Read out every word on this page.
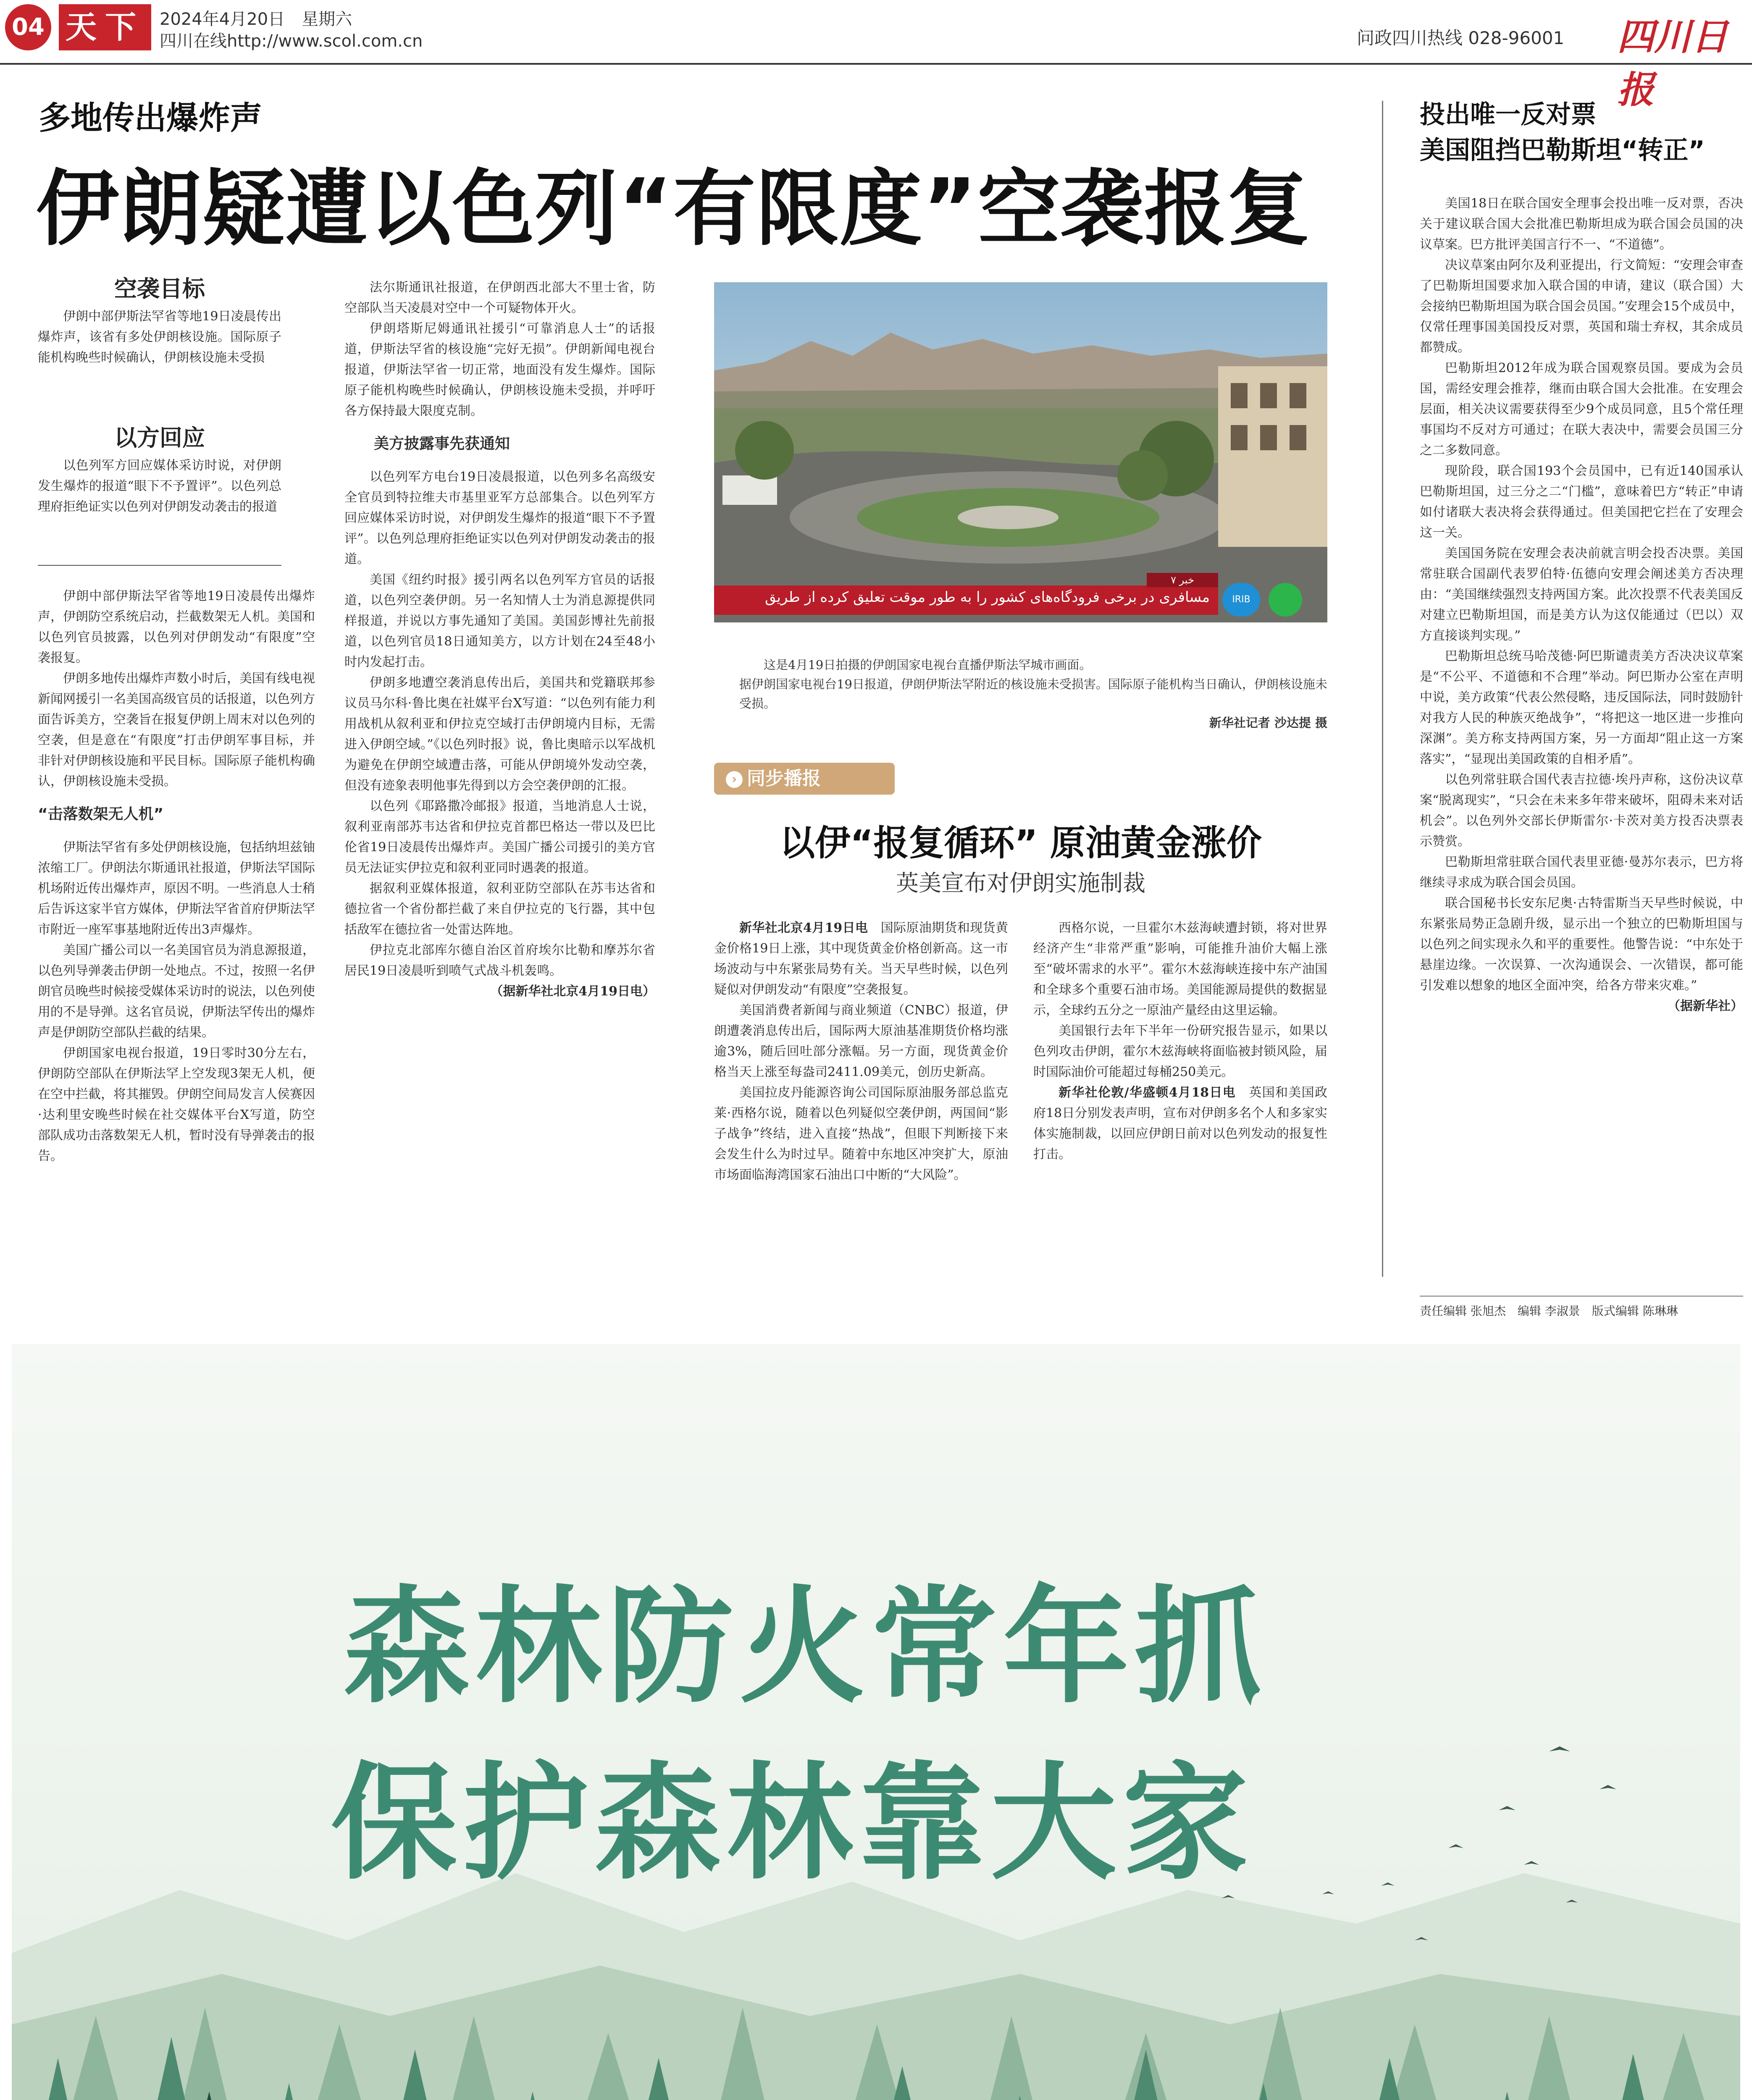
04 天下 2024年4月20日　星期六
四川在线http://www.scol.com.cn	问政四川热线 028-96001 四川日报
多地传出爆炸声
伊朗疑遭以色列“有限度”空袭报复
空袭目标
伊朗中部伊斯法罕省等地19日凌晨传出爆炸声，该省有多处伊朗核设施。国际原子能机构晚些时候确认，伊朗核设施未受损
以方回应
以色列军方回应媒体采访时说，对伊朗发生爆炸的报道“眼下不予置评”。以色列总理府拒绝证实以色列对伊朗发动袭击的报道

伊朗中部伊斯法罕省等地19日凌晨传出爆炸声，伊朗防空系统启动，拦截数架无人机。美国和以色列官员披露，以色列对伊朗发动“有限度”空袭报复。

伊朗多地传出爆炸声数小时后，美国有线电视新闻网援引一名美国高级官员的话报道，以色列方面告诉美方，空袭旨在报复伊朗上周末对以色列的空袭，但是意在“有限度”打击伊朗军事目标，并非针对伊朗核设施和平民目标。国际原子能机构确认，伊朗核设施未受损。

“击落数架无人机”

伊斯法罕省有多处伊朗核设施，包括纳坦兹铀浓缩工厂。伊朗法尔斯通讯社报道，伊斯法罕国际机场附近传出爆炸声，原因不明。一些消息人士稍后告诉这家半官方媒体，伊斯法罕省首府伊斯法罕市附近一座军事基地附近传出3声爆炸。

美国广播公司以一名美国官员为消息源报道，以色列导弹袭击伊朗一处地点。不过，按照一名伊朗官员晚些时候接受媒体采访时的说法，以色列使用的不是导弹。这名官员说，伊斯法罕传出的爆炸声是伊朗防空部队拦截的结果。

伊朗国家电视台报道，19日零时30分左右，伊朗防空部队在伊斯法罕上空发现3架无人机，便在空中拦截，将其摧毁。伊朗空间局发言人侯赛因·达利里安晚些时候在社交媒体平台X写道，防空部队成功击落数架无人机，暂时没有导弹袭击的报告。

法尔斯通讯社报道，在伊朗西北部大不里士省，防空部队当天凌晨对空中一个可疑物体开火。

伊朗塔斯尼姆通讯社援引“可靠消息人士”的话报道，伊斯法罕省的核设施“完好无损”。伊朗新闻电视台报道，伊斯法罕省一切正常，地面没有发生爆炸。国际原子能机构晚些时候确认，伊朗核设施未受损，并呼吁各方保持最大限度克制。

美方披露事先获通知

以色列军方电台19日凌晨报道，以色列多名高级安全官员到特拉维夫市基里亚军方总部集合。以色列军方回应媒体采访时说，对伊朗发生爆炸的报道“眼下不予置评”。以色列总理府拒绝证实以色列对伊朗发动袭击的报道。

美国《纽约时报》援引两名以色列军方官员的话报道，以色列空袭伊朗。另一名知情人士为消息源提供同样报道，并说以方事先通知了美国。美国彭博社先前报道，以色列官员18日通知美方，以方计划在24至48小时内发起打击。

伊朗多地遭空袭消息传出后，美国共和党籍联邦参议员马尔科·鲁比奥在社媒平台X写道：“以色列有能力利用战机从叙利亚和伊拉克空域打击伊朗境内目标，无需进入伊朗空域。”《以色列时报》说，鲁比奥暗示以军战机为避免在伊朗空域遭击落，可能从伊朗境外发动空袭，但没有迹象表明他事先得到以方会空袭伊朗的汇报。

以色列《耶路撒冷邮报》报道，当地消息人士说，叙利亚南部苏韦达省和伊拉克首都巴格达一带以及巴比伦省19日凌晨传出爆炸声。美国广播公司援引的美方官员无法证实伊拉克和叙利亚同时遇袭的报道。

据叙利亚媒体报道，叙利亚防空部队在苏韦达省和德拉省一个省份都拦截了来自伊拉克的飞行器，其中包括敌军在德拉省一处雷达阵地。

伊拉克北部库尔德自治区首府埃尔比勒和摩苏尔省居民19日凌晨听到喷气式战斗机轰鸣。

（据新华社北京4月19日电）
خبر ۷
مسافری در برخی فرودگاه‌های کشور را به طور موقت تعلیق کرده از طریق	IRIB
这是4月19日拍摄的伊朗国家电视台直播伊斯法罕城市画面。
据伊朗国家电视台19日报道，伊朗伊斯法罕附近的核设施未受损害。国际原子能机构当日确认，伊朗核设施未受损。
新华社记者 沙达提 摄
› 同步播报
以伊“报复循环” 原油黄金涨价
英美宣布对伊朗实施制裁

新华社北京4月19日电　 国际原油期货和现货黄金价格19日上涨，其中现货黄金价格创新高。这一市场波动与中东紧张局势有关。当天早些时候，以色列疑似对伊朗发动“有限度”空袭报复。

美国消费者新闻与商业频道（CNBC）报道，伊朗遭袭消息传出后，国际两大原油基准期货价格均涨逾3%，随后回吐部分涨幅。另一方面，现货黄金价格当天上涨至每盎司2411.09美元，创历史新高。

美国拉皮丹能源咨询公司国际原油服务部总监克莱·西格尔说，随着以色列疑似空袭伊朗，两国间“影子战争”终结，进入直接“热战”，但眼下判断接下来会发生什么为时过早。随着中东地区冲突扩大，原油市场面临海湾国家石油出口中断的“大风险”。

西格尔说，一旦霍尔木兹海峡遭封锁，将对世界经济产生“非常严重”影响，可能推升油价大幅上涨至“破坏需求的水平”。霍尔木兹海峡连接中东产油国和全球多个重要石油市场。美国能源局提供的数据显示，全球约五分之一原油产量经由这里运输。

美国银行去年下半年一份研究报告显示，如果以色列攻击伊朗，霍尔木兹海峡将面临被封锁风险，届时国际油价可能超过每桶250美元。

新华社伦敦/华盛顿4月18日电　 英国和美国政府18日分别发表声明，宣布对伊朗多名个人和多家实体实施制裁，以回应伊朗日前对以色列发动的报复性打击。

投出唯一反对票
美国阻挡巴勒斯坦“转正”

美国18日在联合国安全理事会投出唯一反对票，否决关于建议联合国大会批准巴勒斯坦成为联合国会员国的决议草案。巴方批评美国言行不一、“不道德”。

决议草案由阿尔及利亚提出，行文简短：“安理会审查了巴勒斯坦国要求加入联合国的申请，建议（联合国）大会接纳巴勒斯坦国为联合国会员国。”安理会15个成员中，仅常任理事国美国投反对票，英国和瑞士弃权，其余成员都赞成。

巴勒斯坦2012年成为联合国观察员国。要成为会员国，需经安理会推荐，继而由联合国大会批准。在安理会层面，相关决议需要获得至少9个成员同意，且5个常任理事国均不反对方可通过；在联大表决中，需要会员国三分之二多数同意。

现阶段，联合国193个会员国中，已有近140国承认巴勒斯坦国，过三分之二“门槛”，意味着巴方“转正”申请如付诸联大表决将会获得通过。但美国把它拦在了安理会这一关。

美国国务院在安理会表决前就言明会投否决票。美国常驻联合国副代表罗伯特·伍德向安理会阐述美方否决理由：“美国继续强烈支持两国方案。此次投票不代表美国反对建立巴勒斯坦国，而是美方认为这仅能通过（巴以）双方直接谈判实现。”

巴勒斯坦总统马哈茂德·阿巴斯谴责美方否决决议草案是“不公平、不道德和不合理”举动。阿巴斯办公室在声明中说，美方政策“代表公然侵略，违反国际法，同时鼓励针对我方人民的种族灭绝战争”，“将把这一地区进一步推向深渊”。美方称支持两国方案，另一方面却“阻止这一方案落实”，“显现出美国政策的自相矛盾”。

以色列常驻联合国代表吉拉德·埃丹声称，这份决议草案“脱离现实”，“只会在未来多年带来破坏，阻碍未来对话机会”。以色列外交部长伊斯雷尔·卡茨对美方投否决票表示赞赏。

巴勒斯坦常驻联合国代表里亚德·曼苏尔表示，巴方将继续寻求成为联合国会员国。

联合国秘书长安东尼奥·古特雷斯当天早些时候说，中东紧张局势正急剧升级，显示出一个独立的巴勒斯坦国与以色列之间实现永久和平的重要性。他警告说：“中东处于悬崖边缘。一次误算、一次沟通误会、一次错误，都可能引发难以想象的地区全面冲突，给各方带来灾难。”

（据新华社）
责任编辑 张旭杰　编辑 李淑景　版式编辑 陈琳琳
森林防火常年抓
保护森林靠大家
